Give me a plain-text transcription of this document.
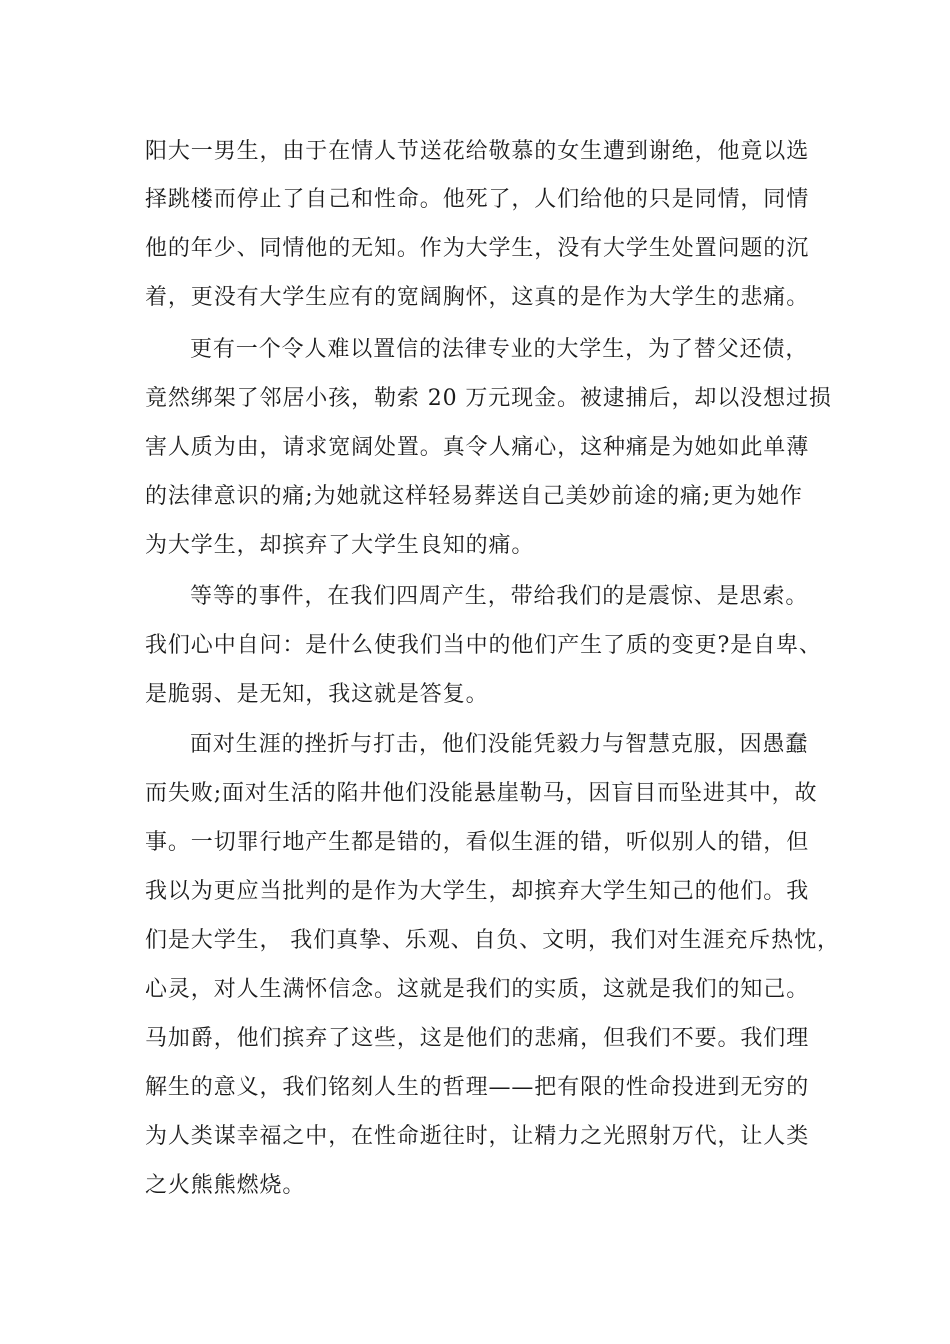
阳大一男生，由于在情人节送花给敬慕的女生遭到谢绝，他竟以选
择跳楼而停止了自己和性命。他死了，人们给他的只是同情，同情
他的年少、同情他的无知。作为大学生，没有大学生处置问题的沉
着，更没有大学生应有的宽阔胸怀，这真的是作为大学生的悲痛。
更有一个令人难以置信的法律专业的大学生，为了替父还债，
竟然绑架了邻居小孩，勒索 20 万元现金。被逮捕后，却以没想过损
害人质为由，请求宽阔处置。真令人痛心，这种痛是为她如此单薄
的法律意识的痛;为她就这样轻易葬送自己美妙前途的痛;更为她作
为大学生，却摈弃了大学生良知的痛。
等等的事件，在我们四周产生，带给我们的是震惊、是思索。
我们心中自问：是什么使我们当中的他们产生了质的变更?是自卑、
是脆弱、是无知，我这就是答复。
面对生涯的挫折与打击，他们没能凭毅力与智慧克服，因愚蠢
而失败;面对生活的陷井他们没能悬崖勒马，因盲目而坠进其中，故
事。一切罪行地产生都是错的，看似生涯的错，听似别人的错，但
我以为更应当批判的是作为大学生，却摈弃大学生知己的他们。我
们是大学生， 我们真挚、乐观、自负、文明，我们对生涯充斥热忱，
心灵，对人生满怀信念。这就是我们的实质，这就是我们的知己。
马加爵，他们摈弃了这些，这是他们的悲痛，但我们不要。我们理
解生的意义，我们铭刻人生的哲理——把有限的性命投进到无穷的
为人类谋幸福之中，在性命逝往时，让精力之光照射万代，让人类
之火熊熊燃烧。
